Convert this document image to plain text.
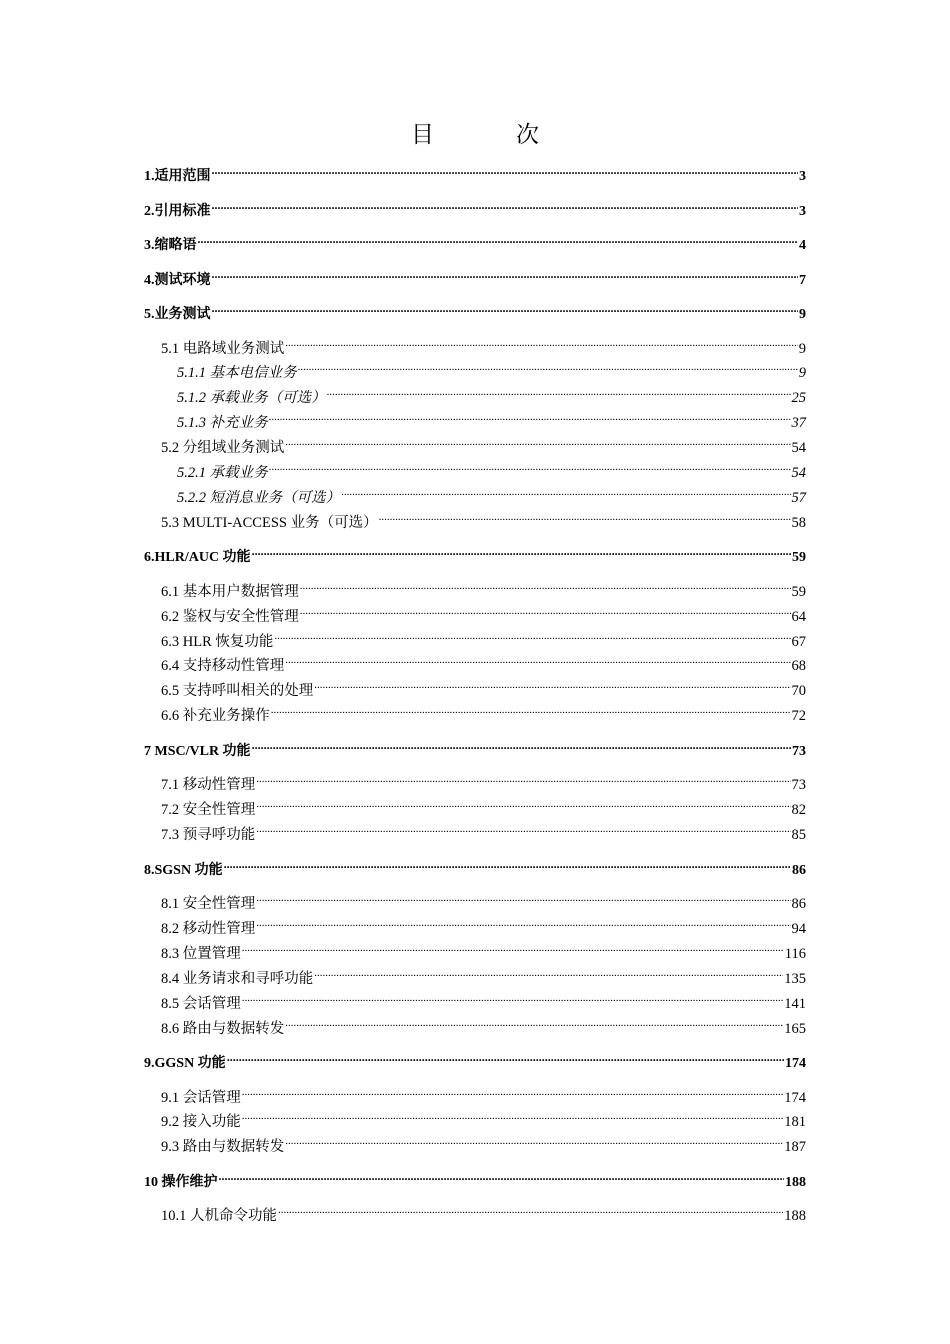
目	次
1.适用范围 .....	3
2.引用标准 .....	3
3.缩略语 .....	4
4.测试环境 .....	7
5.业务测试 .....	9
5.1 电路域业务测试 .....	9
5.1.1 基本电信业务 .....	9
5.1.2 承载业务（可选） .....	25
5.1.3 补充业务 .....	37
5.2 分组域业务测试 .....	54
5.2.1 承载业务 .....	54
5.2.2 短消息业务（可选） .....	57
5.3 MULTI-ACCESS 业务（可选） .....	58
6.HLR/AUC 功能 .....	59
6.1 基本用户数据管理 .....	59
6.2 鉴权与安全性管理 .....	64
6.3 HLR 恢复功能 .....	67
6.4 支持移动性管理 .....	68
6.5 支持呼叫相关的处理 .....	70
6.6 补充业务操作 .....	72
7 MSC/VLR 功能 .....	73
7.1 移动性管理 .....	73
7.2 安全性管理 .....	82
7.3 预寻呼功能 .....	85
8.SGSN 功能 .....	86
8.1 安全性管理 .....	86
8.2 移动性管理 .....	94
8.3 位置管理 .....	116
8.4 业务请求和寻呼功能 .....	135
8.5 会话管理 .....	141
8.6 路由与数据转发 .....	165
9.GGSN 功能 .....	174
9.1 会话管理 .....	174
9.2 接入功能 .....	181
9.3 路由与数据转发 .....	187
10 操作维护 .....	188
10.1 人机命令功能 .....	188
